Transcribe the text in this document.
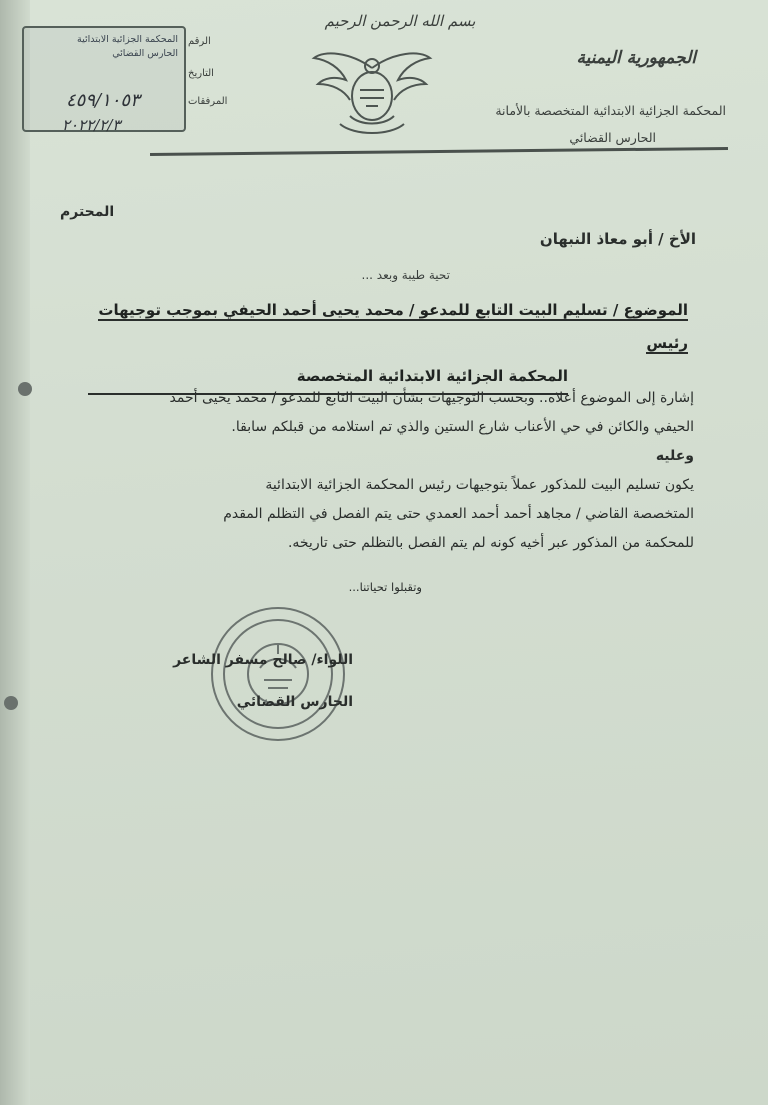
المحكمة الجزائية الابتدائية
الحارس القضائي
٤٥٩/١٠٥٣
٢٠٢٢/٢/٣
الرقم
التاريخ
المرفقات
بسم الله الرحمن الرحيم
الجمهورية اليمنية
المحكمة الجزائية الابتدائية المتخصصة بالأمانة
الحارس القضائي
المحترم
الأخ / أبو معاذ النبهان
تحية طيبة وبعد ...
الموضوع / تسليم البيت التابع للمدعو / محمد يحيى أحمد الحيفي بموجب توجيهات رئيس

المحكمة الجزائية الابتدائية المتخصصة

إشارة إلى الموضوع أعلاه.. وبحسب التوجيهات بشأن البيت التابع للمدعو / محمد يحيى أحمد

الحيفي والكائن في حي الأعناب شارع الستين والذي تم استلامه من قبلكم سابقا.

وعليه

يكون تسليم البيت للمذكور عملاً بتوجيهات رئيس المحكمة الجزائية الابتدائية

المتخصصة القاضي / مجاهد أحمد أحمد العمدي حتى يتم الفصل في التظلم المقدم

للمحكمة من المذكور عبر أخيه كونه لم يتم الفصل بالتظلم حتى تاريخه.

وتقبلوا تحياتنا...
اللواء/ صالح مسفر الشاعر
الحارس القضائي
